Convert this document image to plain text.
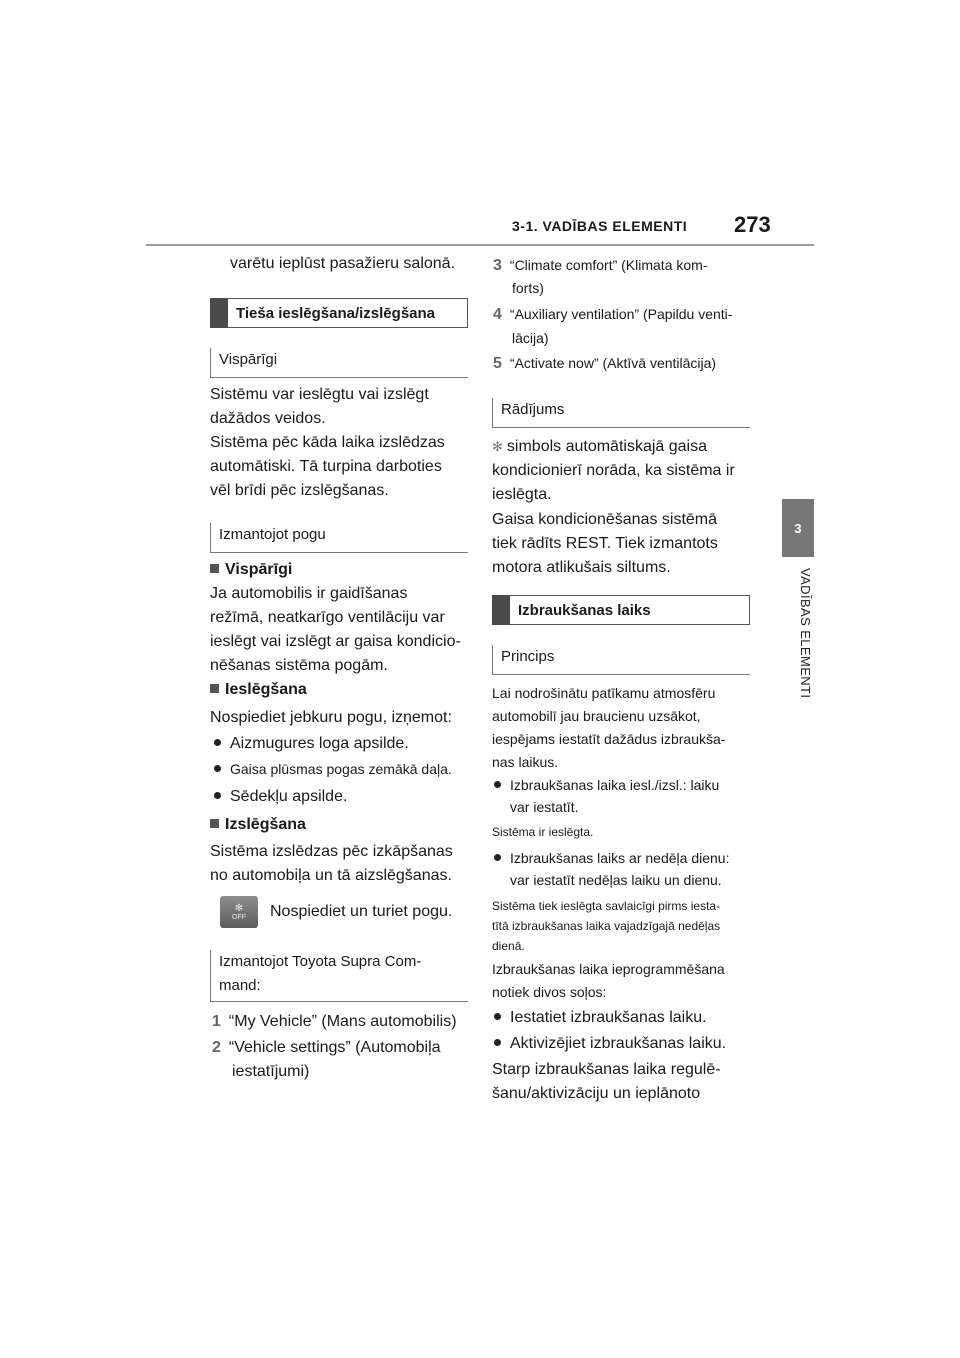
3-1. VADĪBAS ELEMENTI 273
3
VADĪBAS ELEMENTI
varētu ieplūst pasažieru salonā.
Tieša ieslēgšana/izslēgšana
Vispārīgi
Sistēmu var ieslēgtu vai izslēgt
dažādos veidos.
Sistēma pēc kāda laika izslēdzas
automātiski. Tā turpina darboties
vēl brīdi pēc izslēgšanas.
Izmantojot pogu
Vispārīgi
Ja automobilis ir gaidīšanas
režīmā, neatkarīgo ventilāciju var
ieslēgt vai izslēgt ar gaisa kondicio-
nēšanas sistēma pogām.
Ieslēgšana
Nospiediet jebkuru pogu, izņemot:
Aizmugures loga apsilde.
Gaisa plūsmas pogas zemākā daļa.
Sēdekļu apsilde.
Izslēgšana
Sistēma izslēdzas pēc izkāpšanas
no automobiļa un tā aizslēgšanas.
✻
OFF Nospiediet un turiet pogu.
Izmantojot Toyota Supra Com-
mand:
1 “My Vehicle” (Mans automobilis)
2 “Vehicle settings” (Automobiļa
iestatījumi)
3 “Climate comfort” (Klimata kom-
forts)
4 “Auxiliary ventilation” (Papildu venti-
lācija)
5 “Activate now” (Aktīvā ventilācija)
Rādījums
✻ simbols automātiskajā gaisa
kondicionierī norāda, ka sistēma ir
ieslēgta.
Gaisa kondicionēšanas sistēmā
tiek rādīts REST. Tiek izmantots
motora atlikušais siltums.
Izbraukšanas laiks
Princips
Lai nodrošinātu patīkamu atmosfēru
automobilī jau braucienu uzsākot,
iespējams iestatīt dažādus izbraukša-
nas laikus.
Izbraukšanas laika iesl./izsl.: laiku
var iestatīt.
Sistēma ir ieslēgta.
Izbraukšanas laiks ar nedēļa dienu:
var iestatīt nedēļas laiku un dienu.
Sistēma tiek ieslēgta savlaicīgi pirms iesta-
tītā izbraukšanas laika vajadzīgajā nedēļas
dienā.
Izbraukšanas laika ieprogrammēšana
notiek divos soļos:
Iestatiet izbraukšanas laiku.
Aktivizējiet izbraukšanas laiku.
Starp izbraukšanas laika regulē-
šanu/aktivizāciju un ieplānoto
